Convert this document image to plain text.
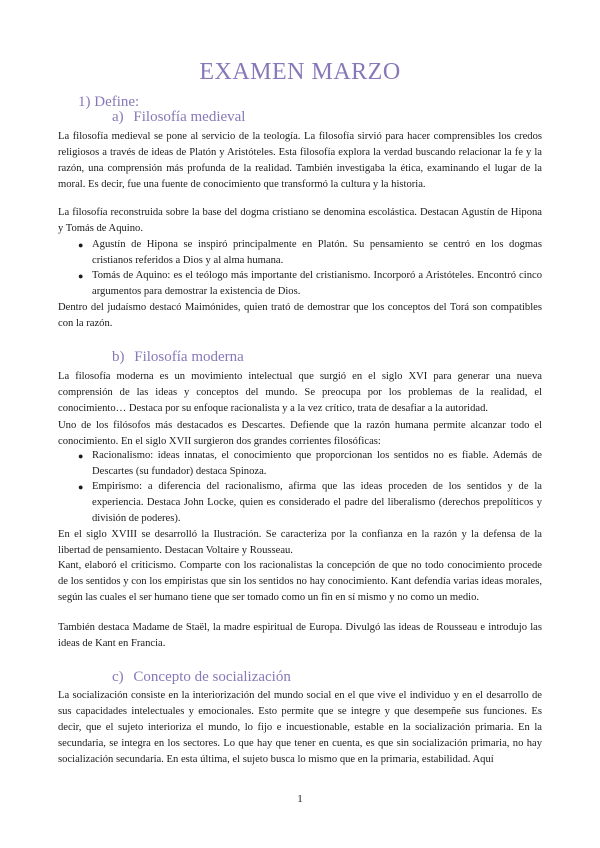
EXAMEN MARZO
1) Define:
a) Filosofía medieval

La filosofía medieval se pone al servicio de la teología. La filosofía sirvió para hacer comprensibles los credos religiosos a través de ideas de Platón y Aristóteles. Esta filosofía explora la verdad buscando relacionar la fe y la razón, una comprensión más profunda de la realidad. También investigaba la ética, examinando el lugar de la moral. Es decir, fue una fuente de conocimiento que transformó la cultura y la historia.

La filosofía reconstruida sobre la base del dogma cristiano se denomina escolástica. Destacan Agustín de Hipona y Tomás de Aquino.

● Agustín de Hipona se inspiró principalmente en Platón. Su pensamiento se centró en los dogmas cristianos referidos a Dios y al alma humana.

● Tomás de Aquino: es el teólogo más importante del cristianismo. Incorporó a Aristóteles. Encontró cinco argumentos para demostrar la existencia de Dios.

Dentro del judaísmo destacó Maimónides, quien trató de demostrar que los conceptos del Torá son compatibles con la razón.

b) Filosofía moderna

La filosofía moderna es un movimiento intelectual que surgió en el siglo XVI para generar una nueva comprensión de las ideas y conceptos del mundo. Se preocupa por los problemas de la realidad, el conocimiento… Destaca por su enfoque racionalista y a la vez crítico, trata de desafiar a la autoridad.

Uno de los filósofos más destacados es Descartes. Defiende que la razón humana permite alcanzar todo el conocimiento. En el siglo XVII surgieron dos grandes corrientes filosóficas:

● Racionalismo: ideas innatas, el conocimiento que proporcionan los sentidos no es fiable. Además de Descartes (su fundador) destaca Spinoza.

● Empirismo: a diferencia del racionalismo, afirma que las ideas proceden de los sentidos y de la experiencia. Destaca John Locke, quien es considerado el padre del liberalismo (derechos prepolíticos y división de poderes).

En el siglo XVIII se desarrolló la Ilustración. Se caracteriza por la confianza en la razón y la defensa de la libertad de pensamiento. Destacan Voltaire y Rousseau.

Kant, elaboró el criticismo. Comparte con los racionalistas la concepción de que no todo conocimiento procede de los sentidos y con los empiristas que sin los sentidos no hay conocimiento. Kant defendía varias ideas morales, según las cuales el ser humano tiene que ser tomado como un fin en sí mismo y no como un medio.

También destaca Madame de Staël, la madre espiritual de Europa. Divulgó las ideas de Rousseau e introdujo las ideas de Kant en Francia.

c) Concepto de socialización

La socialización consiste en la interiorización del mundo social en el que vive el individuo y en el desarrollo de sus capacidades intelectuales y emocionales. Esto permite que se integre y que desempeñe sus funciones. Es decir, que el sujeto interioriza el mundo, lo fijo e incuestionable, estable en la socialización primaria. En la secundaria, se integra en los sectores. Lo que hay que tener en cuenta, es que sin socialización primaria, no hay socialización secundaria. En esta última, el sujeto busca lo mismo que en la primaria, estabilidad. Aquí

1
